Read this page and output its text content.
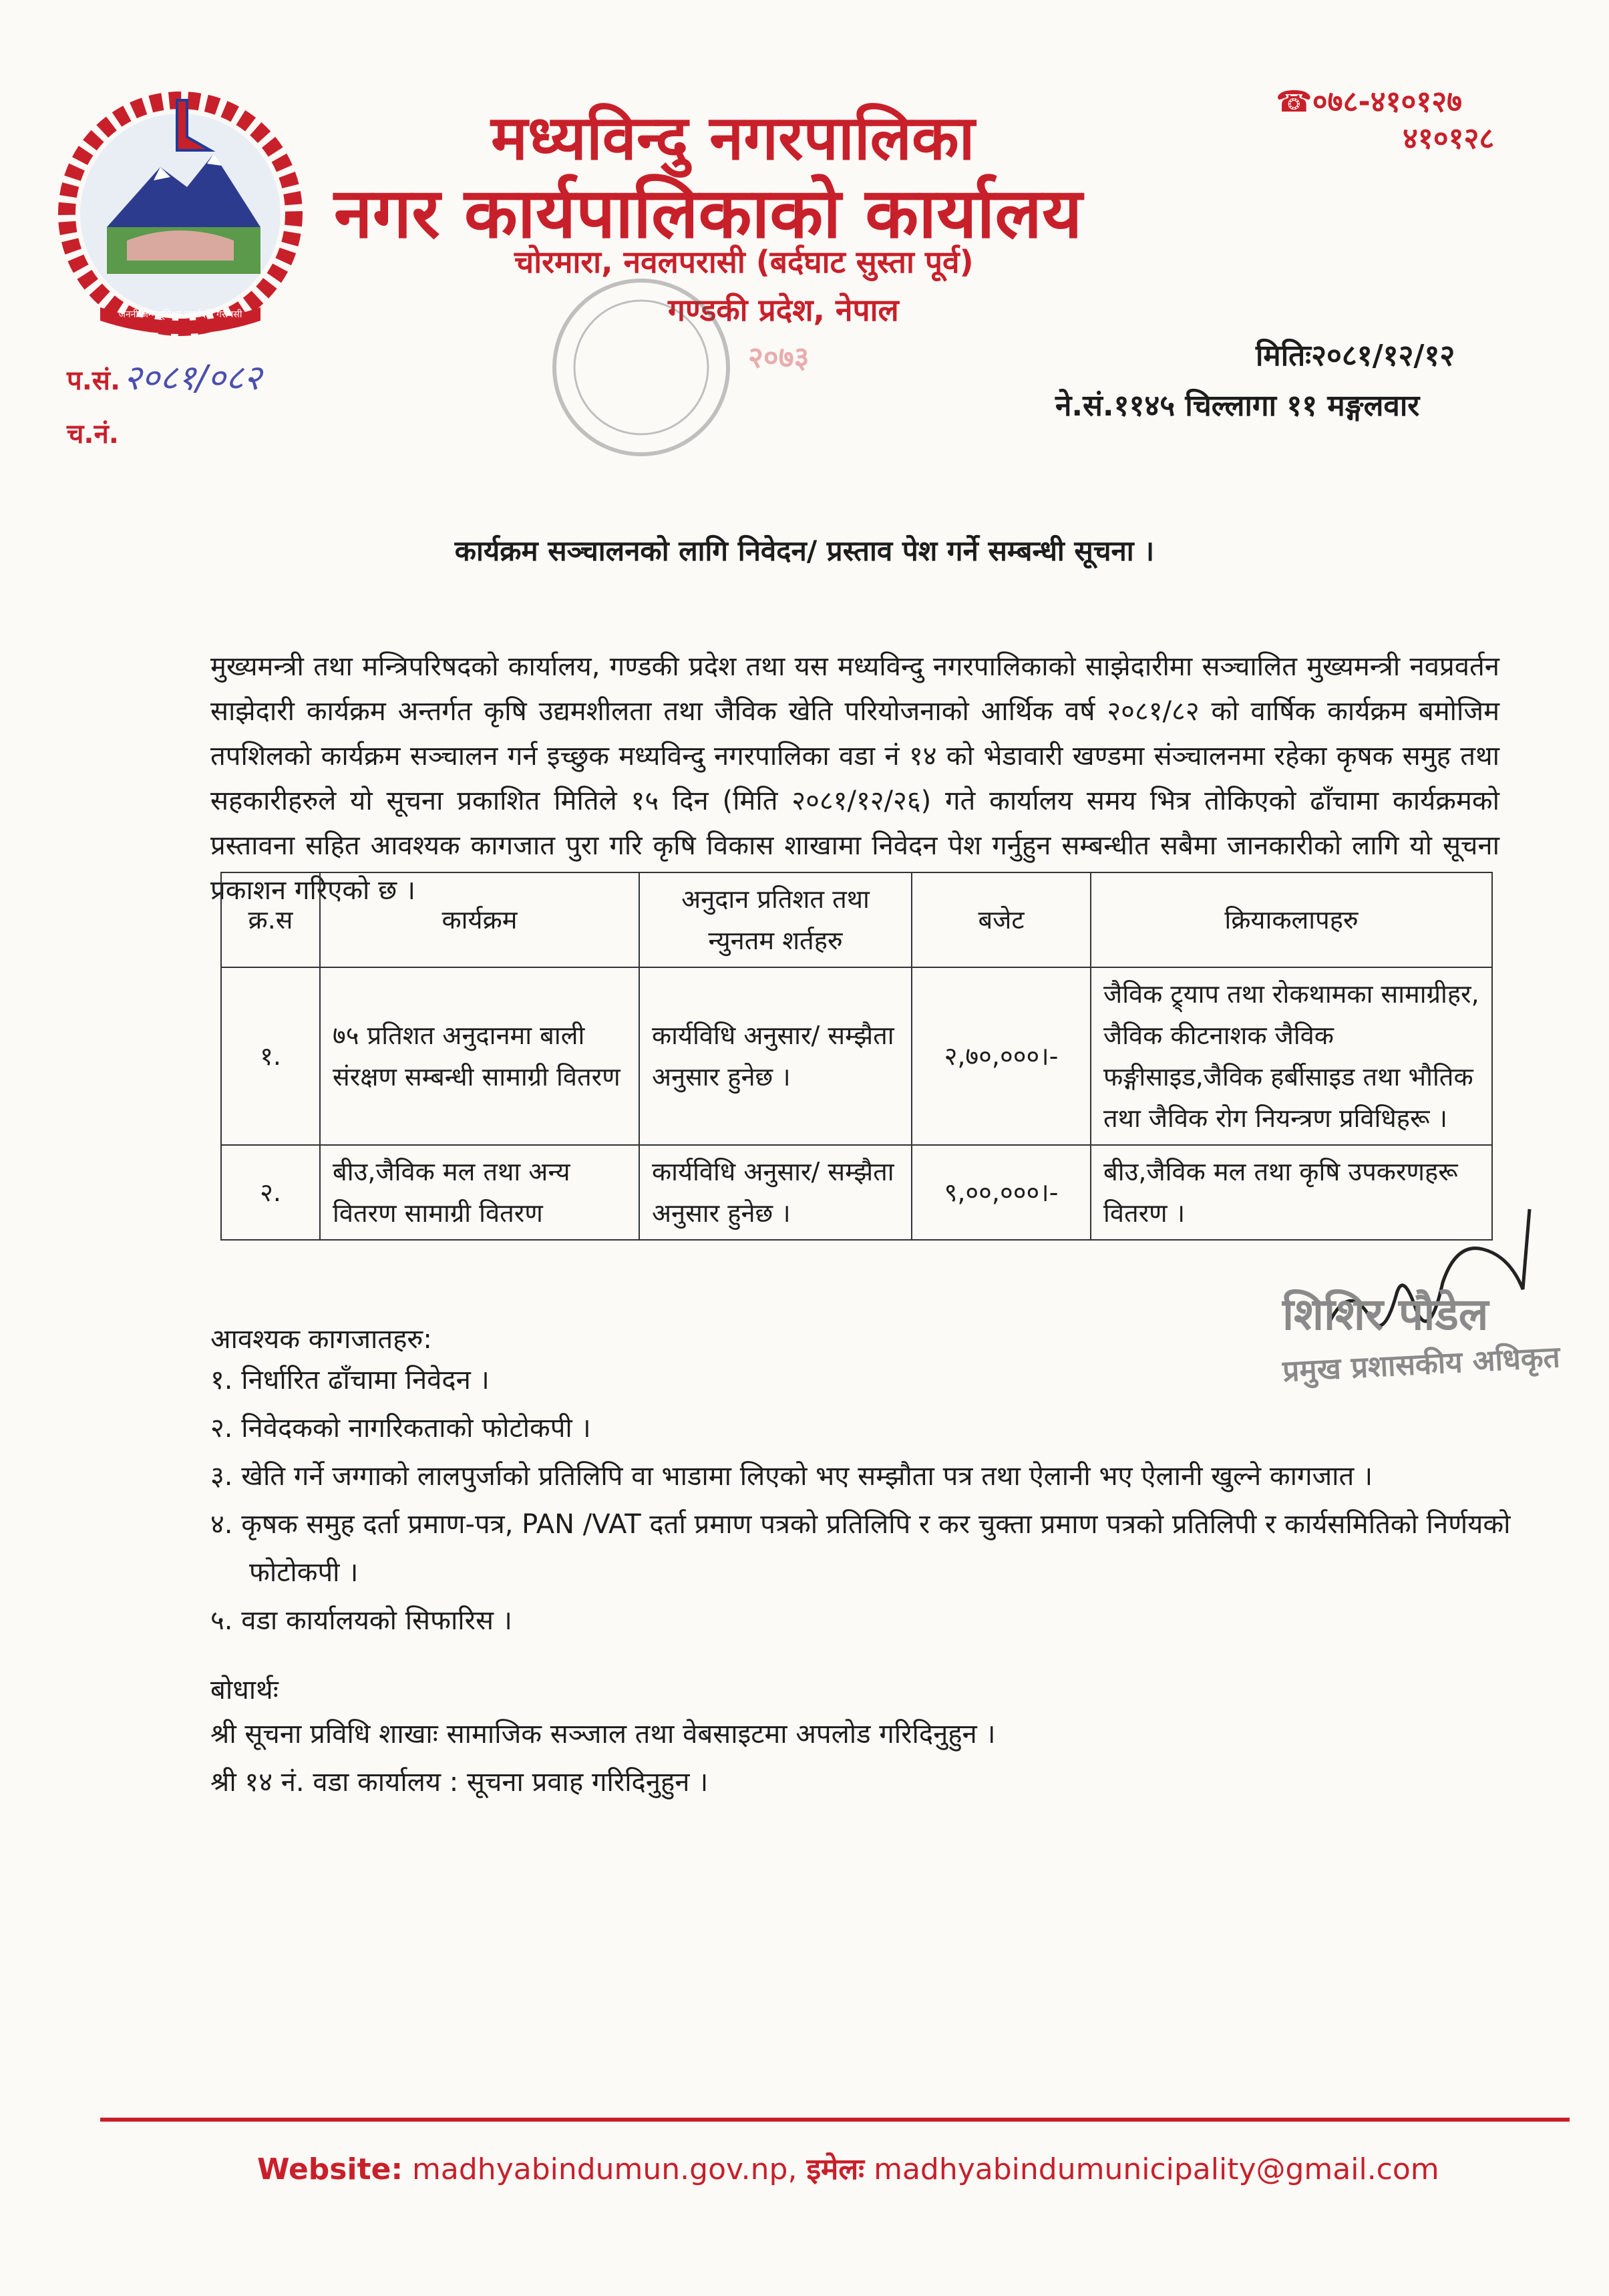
जननी जन्मभूमिश्च स्वर्गादपि गरीयसी
मध्यविन्दु नगरपालिका
नगर कार्यपालिकाको कार्यालय
चोरमारा, नवलपरासी (बर्दघाट सुस्ता पूर्व)
गण्डकी प्रदेश, नेपाल
☎०७८-४१०१२७
४१०१२८
२०७३
प.सं. २०८१/०८२
च.नं.
मितिः२०८१/१२/१२
ने.सं.११४५ चिल्लागा ११ मङ्गलवार
कार्यक्रम सञ्चालनको लागि निवेदन/ प्रस्ताव पेश गर्ने सम्बन्धी सूचना ।
मुख्यमन्त्री तथा मन्त्रिपरिषदको कार्यालय, गण्डकी प्रदेश तथा यस मध्यविन्दु नगरपालिकाको साझेदारीमा सञ्चालित मुख्यमन्त्री नवप्रवर्तन साझेदारी कार्यक्रम अन्तर्गत कृषि उद्यमशीलता तथा जैविक खेति परियोजनाको आर्थिक वर्ष २०८१/८२ को वार्षिक कार्यक्रम बमोजिम तपशिलको कार्यक्रम सञ्चालन गर्न इच्छुक मध्यविन्दु नगरपालिका वडा नं १४ को भेडावारी खण्डमा संञ्चालनमा रहेका कृषक समुह तथा सहकारीहरुले यो सूचना प्रकाशित मितिले १५ दिन (मिति २०८१/१२/२६) गते कार्यालय समय भित्र तोकिएको ढाँचामा कार्यक्रमको प्रस्तावना सहित आवश्यक कागजात पुरा गरि कृषि विकास शाखामा निवेदन पेश गर्नुहुन सम्बन्धीत सबैमा जानकारीको लागि यो सूचना प्रकाशन गरिएको छ ।
क्र.स	कार्यक्रम	अनुदान प्रतिशत तथा न्युनतम शर्तहरु	बजेट	क्रियाकलापहरु
१.	७५ प्रतिशत अनुदानमा बाली संरक्षण सम्बन्धी सामाग्री वितरण	कार्यविधि अनुसार/ सम्झैता अनुसार हुनेछ ।	२,७०,०००।-	जैविक ट्र्याप तथा रोकथामका सामाग्रीहर, जैविक कीटनाशक जैविक फङ्गीसाइड,जैविक हर्बीसाइड तथा भौतिक तथा जैविक रोग नियन्त्रण प्रविधिहरू ।
२.	बीउ,जैविक मल तथा अन्य वितरण सामाग्री वितरण	कार्यविधि अनुसार/ सम्झैता अनुसार हुनेछ ।	९,००,०००।-	बीउ,जैविक मल तथा कृषि उपकरणहरू वितरण ।
शिशिर पौडेल
प्रमुख प्रशासकीय अधिकृत
आवश्यक कागजातहरु:
१. निर्धारित ढाँचामा निवेदन ।
२. निवेदकको नागरिकताको फोटोकपी ।
३. खेति गर्ने जग्गाको लालपुर्जाको प्रतिलिपि वा भाडामा लिएको भए सम्झौता पत्र तथा ऐलानी भए ऐलानी खुल्ने कागजात ।
४. कृषक समुह दर्ता प्रमाण-पत्र, PAN /VAT दर्ता प्रमाण पत्रको प्रतिलिपि र कर चुक्ता प्रमाण पत्रको प्रतिलिपी र कार्यसमितिको निर्णयको फोटोकपी ।
५. वडा कार्यालयको सिफारिस ।
बोधार्थः
श्री सूचना प्रविधि शाखाः सामाजिक सञ्जाल तथा वेबसाइटमा अपलोड गरिदिनुहुन ।
श्री १४ नं. वडा कार्यालय : सूचना प्रवाह गरिदिनुहुन ।
Website: madhyabindumun.gov.np, इमेलः madhyabindumunicipality@gmail.com
